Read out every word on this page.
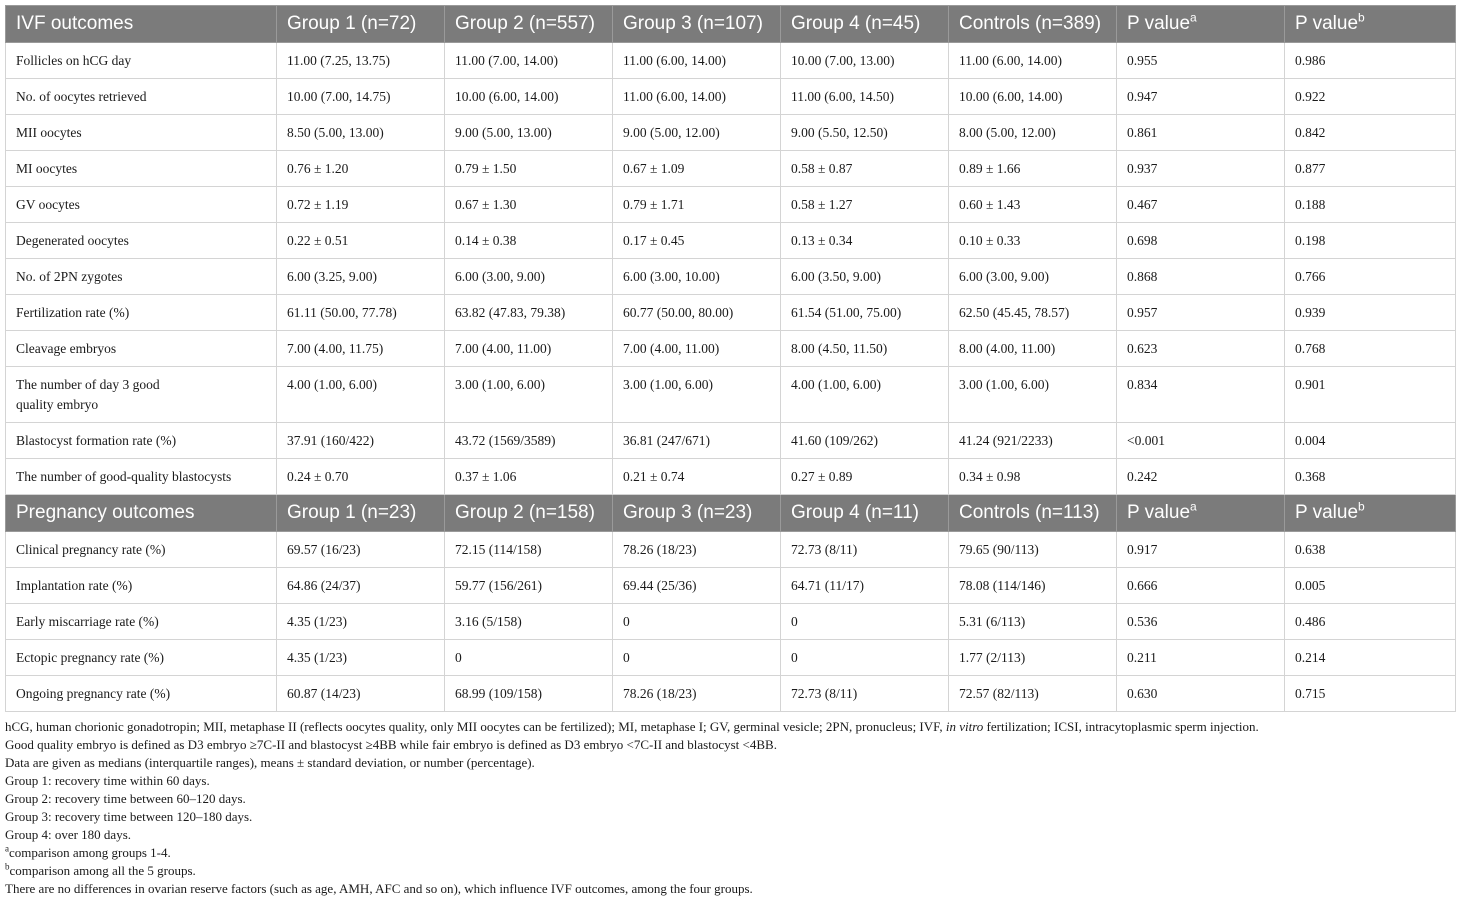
IVF outcomes	Group 1 (n=72)	Group 2 (n=557)	Group 3 (n=107)	Group 4 (n=45)	Controls (n=389)	P value$^a$	P value$^b$
Follicles on hCG day	11.00 (7.25, 13.75)	11.00 (7.00, 14.00)	11.00 (6.00, 14.00)	10.00 (7.00, 13.00)	11.00 (6.00, 14.00)	0.955	0.986
No. of oocytes retrieved	10.00 (7.00, 14.75)	10.00 (6.00, 14.00)	11.00 (6.00, 14.00)	11.00 (6.00, 14.50)	10.00 (6.00, 14.00)	0.947	0.922
MII oocytes	8.50 (5.00, 13.00)	9.00 (5.00, 13.00)	9.00 (5.00, 12.00)	9.00 (5.50, 12.50)	8.00 (5.00, 12.00)	0.861	0.842
MI oocytes	0.76 ± 1.20	0.79 ± 1.50	0.67 ± 1.09	0.58 ± 0.87	0.89 ± 1.66	0.937	0.877
GV oocytes	0.72 ± 1.19	0.67 ± 1.30	0.79 ± 1.71	0.58 ± 1.27	0.60 ± 1.43	0.467	0.188
Degenerated oocytes	0.22 ± 0.51	0.14 ± 0.38	0.17 ± 0.45	0.13 ± 0.34	0.10 ± 0.33	0.698	0.198
No. of 2PN zygotes	6.00 (3.25, 9.00)	6.00 (3.00, 9.00)	6.00 (3.00, 10.00)	6.00 (3.50, 9.00)	6.00 (3.00, 9.00)	0.868	0.766
Fertilization rate (%)	61.11 (50.00, 77.78)	63.82 (47.83, 79.38)	60.77 (50.00, 80.00)	61.54 (51.00, 75.00)	62.50 (45.45, 78.57)	0.957	0.939
Cleavage embryos	7.00 (4.00, 11.75)	7.00 (4.00, 11.00)	7.00 (4.00, 11.00)	8.00 (4.50, 11.50)	8.00 (4.00, 11.00)	0.623	0.768
The number of day 3 good quality embryo	4.00 (1.00, 6.00)	3.00 (1.00, 6.00)	3.00 (1.00, 6.00)	4.00 (1.00, 6.00)	3.00 (1.00, 6.00)	0.834	0.901
Blastocyst formation rate (%)	37.91 (160/422)	43.72 (1569/3589)	36.81 (247/671)	41.60 (109/262)	41.24 (921/2233)	<0.001	0.004
The number of good-quality blastocysts	0.24 ± 0.70	0.37 ± 1.06	0.21 ± 0.74	0.27 ± 0.89	0.34 ± 0.98	0.242	0.368
Pregnancy outcomes	Group 1 (n=23)	Group 2 (n=158)	Group 3 (n=23)	Group 4 (n=11)	Controls (n=113)	P value$^a$	P value$^b$
Clinical pregnancy rate (%)	69.57 (16/23)	72.15 (114/158)	78.26 (18/23)	72.73 (8/11)	79.65 (90/113)	0.917	0.638
Implantation rate (%)	64.86 (24/37)	59.77 (156/261)	69.44 (25/36)	64.71 (11/17)	78.08 (114/146)	0.666	0.005
Early miscarriage rate (%)	4.35 (1/23)	3.16 (5/158)	0	0	5.31 (6/113)	0.536	0.486
Ectopic pregnancy rate (%)	4.35 (1/23)	0	0	0	1.77 (2/113)	0.211	0.214
Ongoing pregnancy rate (%)	60.87 (14/23)	68.99 (109/158)	78.26 (18/23)	72.73 (8/11)	72.57 (82/113)	0.630	0.715
hCG, human chorionic gonadotropin; MII, metaphase II (reflects oocytes quality, only MII oocytes can be fertilized); MI, metaphase I; GV, germinal vesicle; 2PN, pronucleus; IVF, in vitro fertilization; ICSI, intracytoplasmic sperm injection.
Good quality embryo is defined as D3 embryo ≥7C-II and blastocyst ≥4BB while fair embryo is defined as D3 embryo <7C-II and blastocyst <4BB.
Data are given as medians (interquartile ranges), means ± standard deviation, or number (percentage).
Group 1: recovery time within 60 days.
Group 2: recovery time between 60–120 days.
Group 3: recovery time between 120–180 days.
Group 4: over 180 days.
$^a$comparison among groups 1-4.
$^b$comparison among all the 5 groups.
There are no differences in ovarian reserve factors (such as age, AMH, AFC and so on), which influence IVF outcomes, among the four groups.
